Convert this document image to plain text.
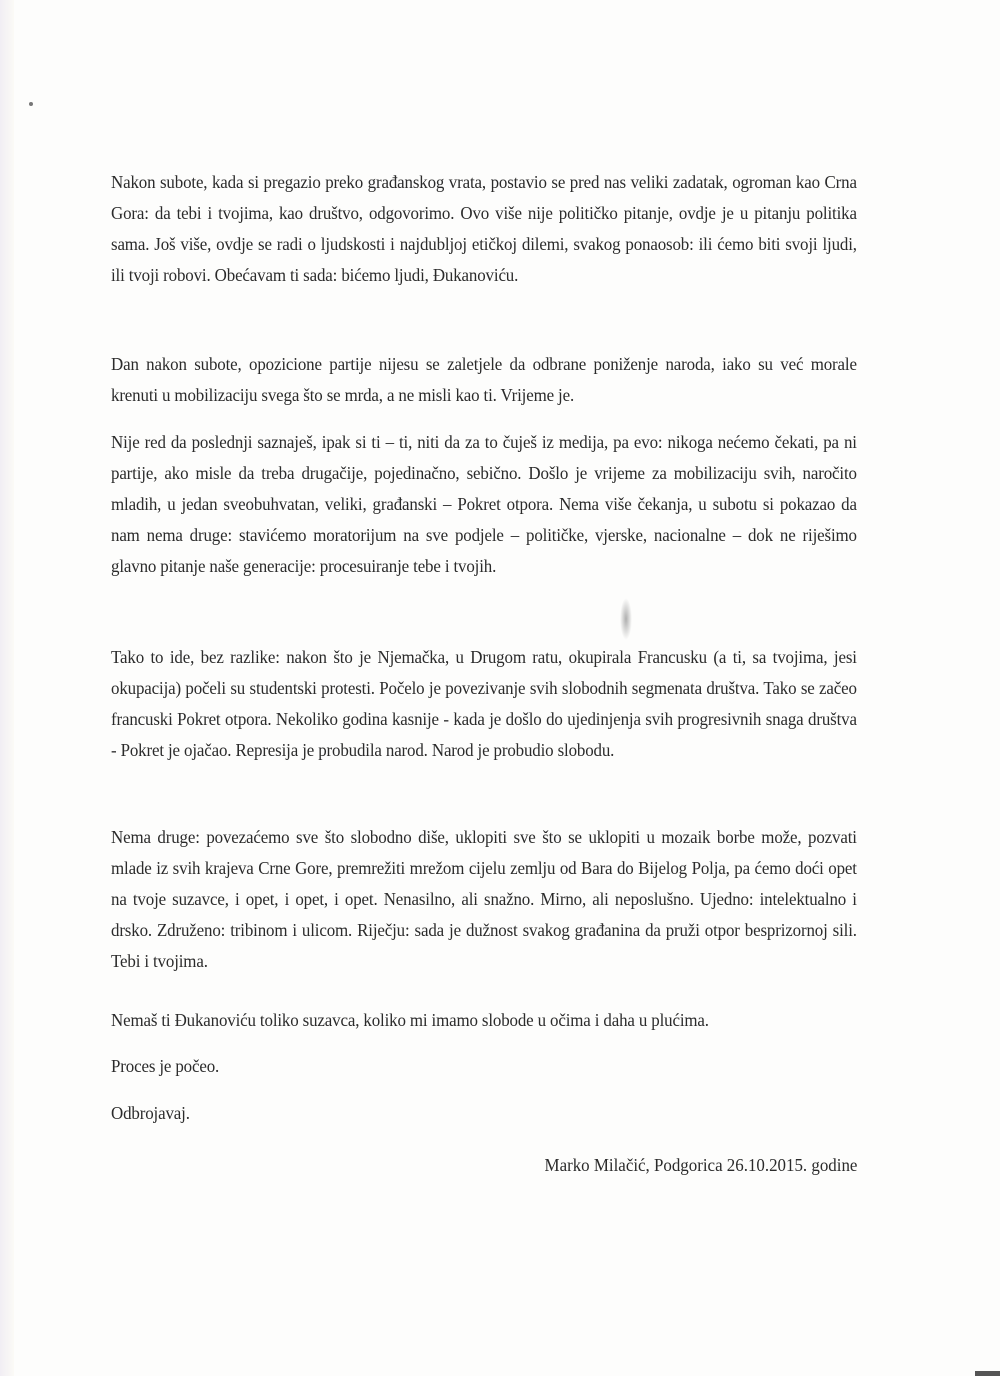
Nakon subote, kada si pregazio preko građanskog vrata, postavio se pred nas veliki zadatak, ogroman kao Crna Gora: da tebi i tvojima, kao društvo, odgovorimo. Ovo više nije političko pitanje, ovdje je u pitanju politika sama. Još više, ovdje se radi o ljudskosti i najdubljoj etičkoj dilemi, svakog ponaosob: ili ćemo biti svoji ljudi, ili tvoji robovi. Obećavam ti sada: bićemo ljudi, Đukanoviću.

Dan nakon subote, opozicione partije nijesu se zaletjele da odbrane poniženje naroda, iako su već morale krenuti u mobilizaciju svega što se mrda, a ne misli kao ti. Vrijeme je.

Nije red da poslednji saznaješ, ipak si ti – ti, niti da za to čuješ iz medija, pa evo: nikoga nećemo čekati, pa ni partije, ako misle da treba drugačije, pojedinačno, sebično. Došlo je vrijeme za mobilizaciju svih, naročito mladih, u jedan sveobuhvatan, veliki, građanski – Pokret otpora. Nema više čekanja, u subotu si pokazao da nam nema druge: stavićemo moratorijum na sve podjele – političke, vjerske, nacionalne – dok ne riješimo glavno pitanje naše generacije: procesuiranje tebe i tvojih.

Tako to ide, bez razlike: nakon što je Njemačka, u Drugom ratu, okupirala Francusku (a ti, sa tvojima, jesi okupacija) počeli su studentski protesti. Počelo je povezivanje svih slobodnih segmenata društva. Tako se začeo francuski Pokret otpora. Nekoliko godina kasnije - kada je došlo do ujedinjenja svih progresivnih snaga društva - Pokret je ojačao. Represija je probudila narod. Narod je probudio slobodu.

Nema druge: povezaćemo sve što slobodno diše, uklopiti sve što se uklopiti u mozaik borbe može, pozvati mlade iz svih krajeva Crne Gore, premrežiti mrežom cijelu zemlju od Bara do Bijelog Polja, pa ćemo doći opet na tvoje suzavce, i opet, i opet, i opet. Nenasilno, ali snažno. Mirno, ali neposlušno. Ujedno: intelektualno i drsko. Združeno: tribinom i ulicom. Riječju: sada je dužnost svakog građanina da pruži otpor besprizornoj sili. Tebi i tvojima.

Nemaš ti Đukanoviću toliko suzavca, koliko mi imamo slobode u očima i daha u plućima.

Proces je počeo.

Odbrojavaj.

Marko Milačić, Podgorica 26.10.2015. godine
